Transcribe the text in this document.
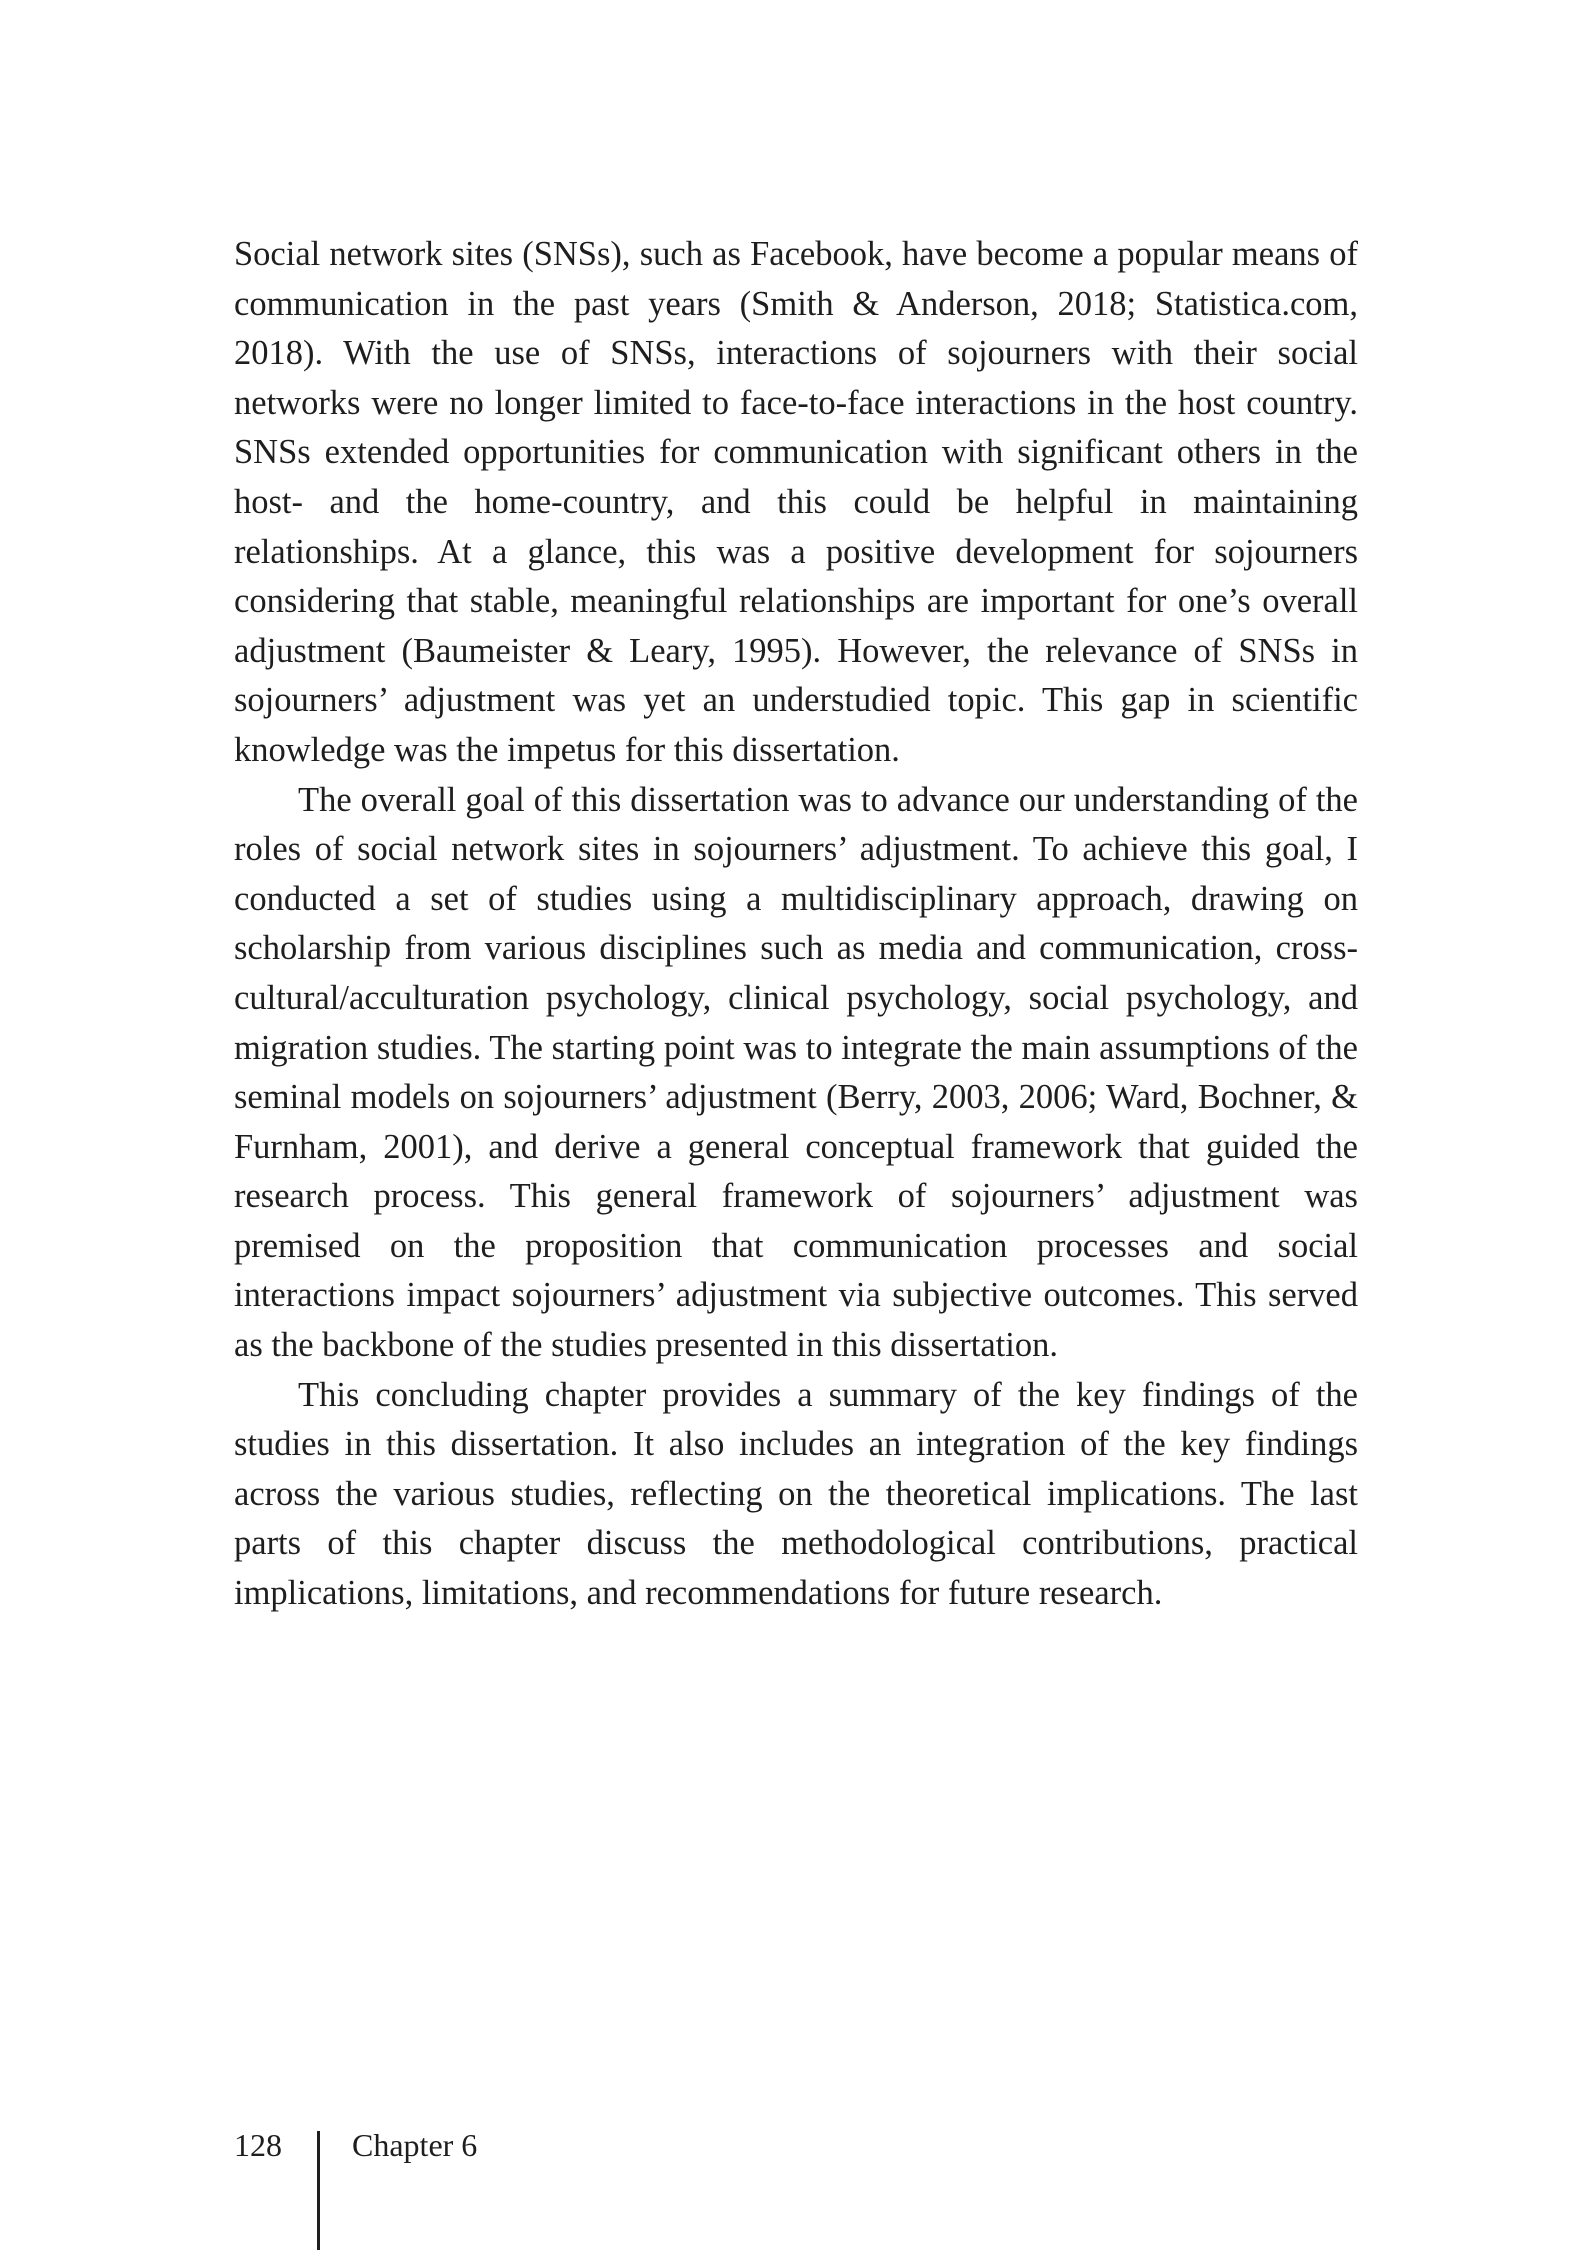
Social network sites (SNSs), such as Facebook, have become a popular means of communication in the past years (Smith & Anderson, 2018; Statistica.com, 2018). With the use of SNSs, interactions of sojourners with their social networks were no longer limited to face-to-face interactions in the host country. SNSs extended opportunities for communication with significant others in the host- and the home-country, and this could be helpful in maintaining relationships. At a glance, this was a positive development for sojourners considering that stable, meaningful relationships are important for one’s overall adjustment (Baumeister & Leary, 1995). However, the relevance of SNSs in sojourners’ adjustment was yet an understudied topic. This gap in scientific knowledge was the impetus for this dissertation.

The overall goal of this dissertation was to advance our understanding of the roles of social network sites in sojourners’ adjustment. To achieve this goal, I conducted a set of studies using a multidisciplinary approach, drawing on scholarship from various disciplines such as media and communication, cross-cultural/acculturation psychology, clinical psychology, social psychology, and migration studies. The starting point was to integrate the main assumptions of the seminal models on sojourners’ adjustment (Berry, 2003, 2006; Ward, Bochner, & Furnham, 2001), and derive a general conceptual framework that guided the research process. This general framework of sojourners’ adjustment was premised on the proposition that communication processes and social interactions impact sojourners’ adjustment via subjective outcomes. This served as the backbone of the studies presented in this dissertation.

This concluding chapter provides a summary of the key findings of the studies in this dissertation. It also includes an integration of the key findings across the various studies, reflecting on the theoretical implications. The last parts of this chapter discuss the methodological contributions, practical implications, limitations, and recommendations for future research.

128 Chapter 6
